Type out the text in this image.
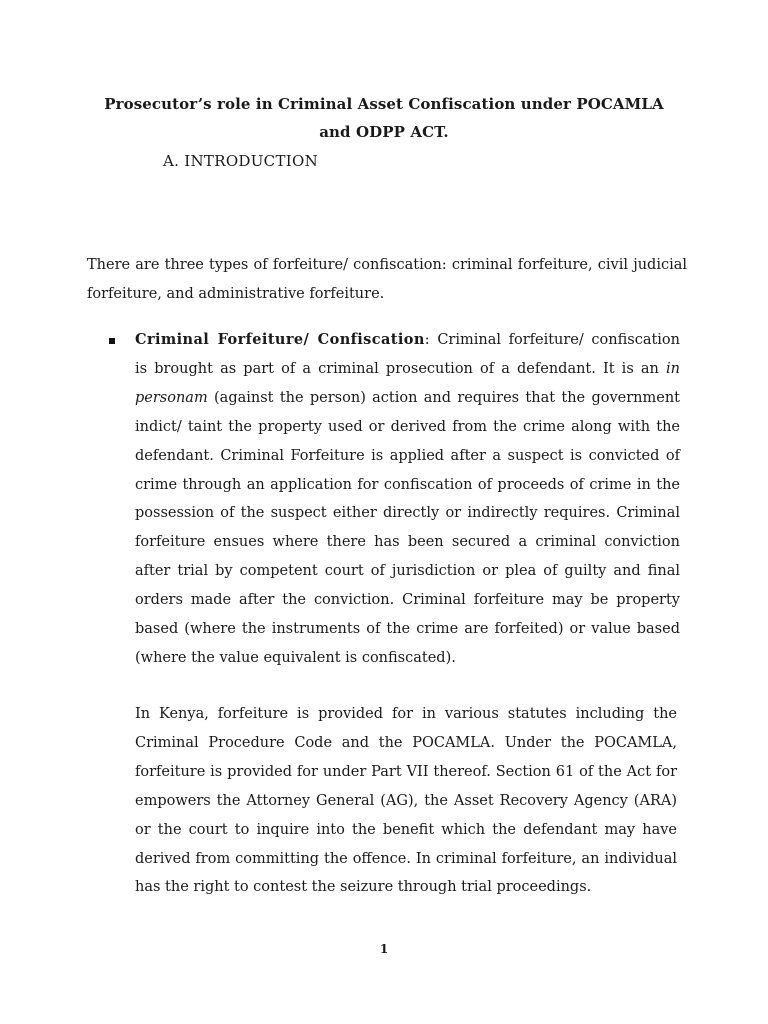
Prosecutor’s role in Criminal Asset Confiscation under POCAMLA
and ODPP ACT.
A. INTRODUCTION
There are three types of forfeiture/ confiscation: criminal forfeiture, civil judicial forfeiture, and administrative forfeiture.
Criminal Forfeiture/ Confiscation: Criminal forfeiture/ confiscation is brought as part of a criminal prosecution of a defendant. It is an in personam (against the person) action and requires that the government indict/ taint the property used or derived from the crime along with the defendant. Criminal Forfeiture is applied after a suspect is convicted of crime through an application for confiscation of proceeds of crime in the possession of the suspect either directly or indirectly requires. Criminal forfeiture ensues where there has been secured a criminal conviction after trial by competent court of jurisdiction or plea of guilty and final orders made after the conviction. Criminal forfeiture may be property based (where the instruments of the crime are forfeited) or value based (where the value equivalent is confiscated).
In Kenya, forfeiture is provided for in various statutes including the Criminal Procedure Code and the POCAMLA. Under the POCAMLA, forfeiture is provided for under Part VII thereof. Section 61 of the Act for empowers the Attorney General (AG), the Asset Recovery Agency (ARA) or the court to inquire into the benefit which the defendant may have derived from committing the offence. In criminal forfeiture, an individual has the right to contest the seizure through trial proceedings.
1
